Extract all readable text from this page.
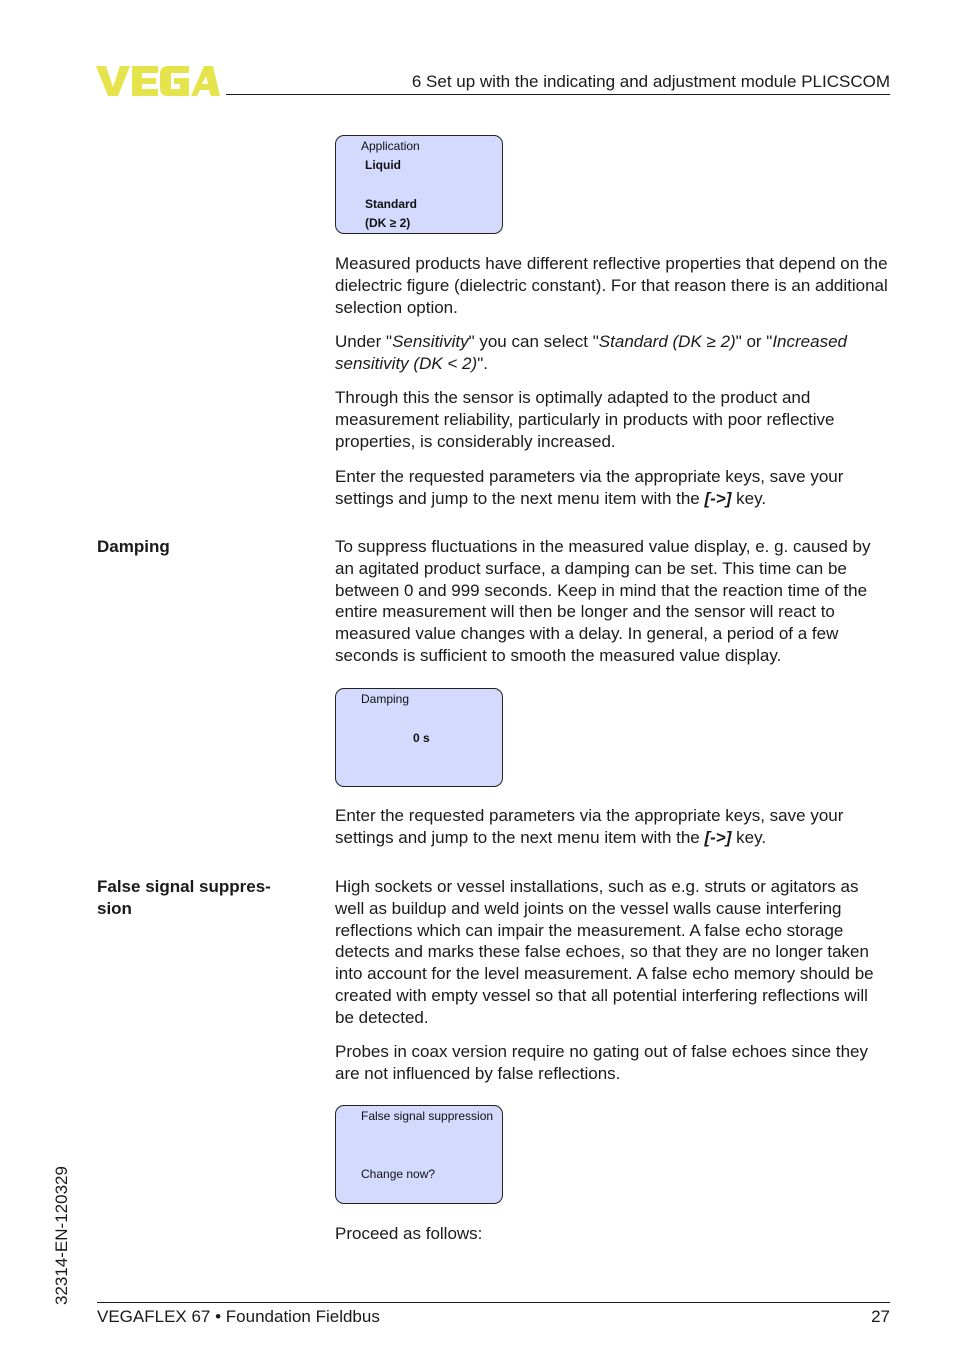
6 Set up with the indicating and adjustment module PLICSCOM
Application
Liquid
Standard
(DK ≥ 2)

Measured products have different reflective properties that depend on the dielectric figure (dielectric constant). For that reason there is an additional selection option.

Under "Sensitivity" you can select "Standard (DK ≥ 2)" or "Increased sensitivity (DK < 2)".

Through this the sensor is optimally adapted to the product and measurement reliability, particularly in products with poor reflective properties, is considerably increased.

Enter the requested parameters via the appropriate keys, save your settings and jump to the next menu item with the [->] key.

Damping	To suppress fluctuations in the measured value display, e. g. caused by an agitated product surface, a damping can be set. This time can be between 0 and 999 seconds. Keep in mind that the reaction time of the entire measurement will then be longer and the sensor will react to measured value changes with a delay. In general, a period of a few seconds is sufficient to smooth the measured value display.

Damping
0 s

Enter the requested parameters via the appropriate keys, save your settings and jump to the next menu item with the [->] key.

False signal suppres-
sion

High sockets or vessel installations, such as e.g. struts or agitators as well as buildup and weld joints on the vessel walls cause interfering reflections which can impair the measurement. A false echo storage detects and marks these false echoes, so that they are no longer taken into account for the level measurement. A false echo memory should be created with empty vessel so that all potential interfering reflections will be detected.

Probes in coax version require no gating out of false echoes since they are not influenced by false reflections.

False signal suppression
Change now?

Proceed as follows:

32314-EN-120329
VEGAFLEX 67 • Foundation Fieldbus	27
